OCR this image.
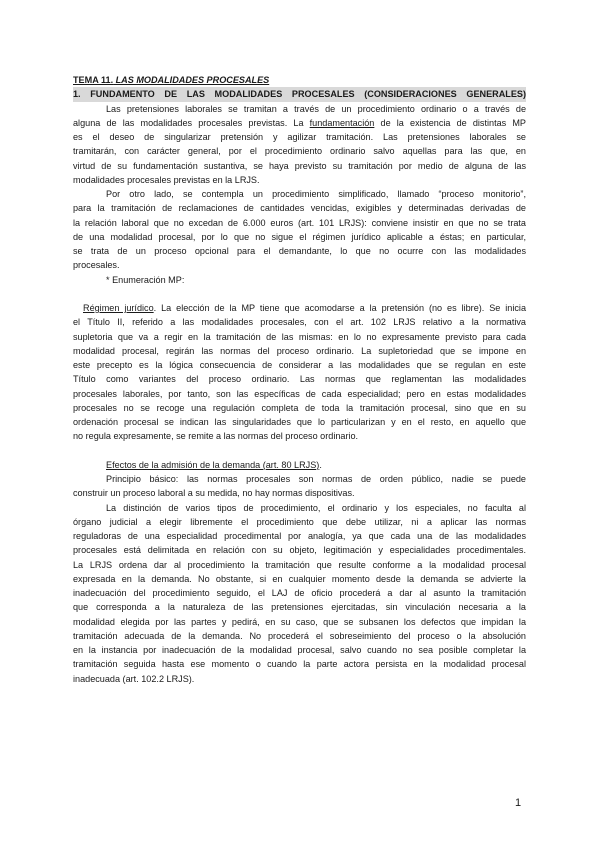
TEMA 11. LAS MODALIDADES PROCESALES
1. FUNDAMENTO DE LAS MODALIDADES PROCESALES (CONSIDERACIONES GENERALES)
Las pretensiones laborales se tramitan a través de un procedimiento ordinario o a través de
alguna de las modalidades procesales previstas. La fundamentación de la existencia de distintas MP
es el deseo de singularizar pretensión y agilizar tramitación. Las pretensiones laborales se
tramitarán, con carácter general, por el procedimiento ordinario salvo aquellas para las que, en
virtud de su fundamentación sustantiva, se haya previsto su tramitación por medio de alguna de las
modalidades procesales previstas en la LRJS.
Por otro lado, se contempla un procedimiento simplificado, llamado “proceso monitorio”,
para la tramitación de reclamaciones de cantidades vencidas, exigibles y determinadas derivadas de
la relación laboral que no excedan de 6.000 euros (art. 101 LRJS): conviene insistir en que no se trata
de una modalidad procesal, por lo que no sigue el régimen jurídico aplicable a éstas; en particular,
se trata de un proceso opcional para el demandante, lo que no ocurre con las modalidades
procesales.
* Enumeración MP:
Régimen jurídico. La elección de la MP tiene que acomodarse a la pretensión (no es libre). Se inicia
el Título II, referido a las modalidades procesales, con el art. 102 LRJS relativo a la normativa
supletoria que va a regir en la tramitación de las mismas: en lo no expresamente previsto para cada
modalidad procesal, regirán las normas del proceso ordinario. La supletoriedad que se impone en
este precepto es la lógica consecuencia de considerar a las modalidades que se regulan en este
Título como variantes del proceso ordinario. Las normas que reglamentan las modalidades
procesales laborales, por tanto, son las específicas de cada especialidad; pero en estas modalidades
procesales no se recoge una regulación completa de toda la tramitación procesal, sino que en su
ordenación procesal se indican las singularidades que lo particularizan y en el resto, en aquello que
no regula expresamente, se remite a las normas del proceso ordinario.
Efectos de la admisión de la demanda (art. 80 LRJS).
Principio básico: las normas procesales son normas de orden público, nadie se puede
construir un proceso laboral a su medida, no hay normas dispositivas.
La distinción de varios tipos de procedimiento, el ordinario y los especiales, no faculta al
órgano judicial a elegir libremente el procedimiento que debe utilizar, ni a aplicar las normas
reguladoras de una especialidad procedimental por analogía, ya que cada una de las modalidades
procesales está delimitada en relación con su objeto, legitimación y especialidades procedimentales.
La LRJS ordena dar al procedimiento la tramitación que resulte conforme a la modalidad procesal
expresada en la demanda. No obstante, si en cualquier momento desde la demanda se advierte la
inadecuación del procedimiento seguido, el LAJ de oficio procederá a dar al asunto la tramitación
que corresponda a la naturaleza de las pretensiones ejercitadas, sin vinculación necesaria a la
modalidad elegida por las partes y pedirá, en su caso, que se subsanen los defectos que impidan la
tramitación adecuada de la demanda. No procederá el sobreseimiento del proceso o la absolución
en la instancia por inadecuación de la modalidad procesal, salvo cuando no sea posible completar la
tramitación seguida hasta ese momento o cuando la parte actora persista en la modalidad procesal
inadecuada (art. 102.2 LRJS).
1
